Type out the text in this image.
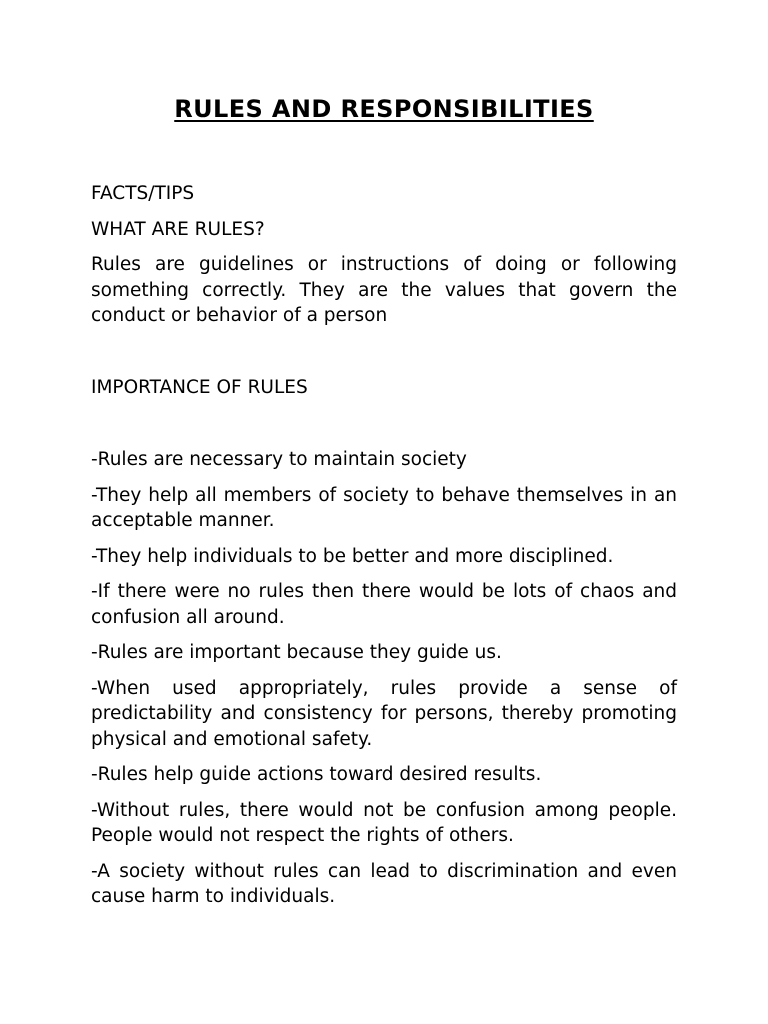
RULES AND RESPONSIBILITIES

FACTS/TIPS

WHAT ARE RULES?

Rules are guidelines or instructions of doing or following something correctly. They are the values that govern the conduct or behavior of a person

IMPORTANCE OF RULES

-Rules are necessary to maintain society

-They help all members of society to behave themselves in an acceptable manner.

-They help individuals to be better and more disciplined.

-If there were no rules then there would be lots of chaos and confusion all around.

-Rules are important because they guide us.

-When used appropriately, rules provide a sense of predictability and consistency for persons, thereby promoting physical and emotional safety.

-Rules help guide actions toward desired results.

-Without rules, there would not be confusion among people. People would not respect the rights of others.

-A society without rules can lead to discrimination and even cause harm to individuals.
